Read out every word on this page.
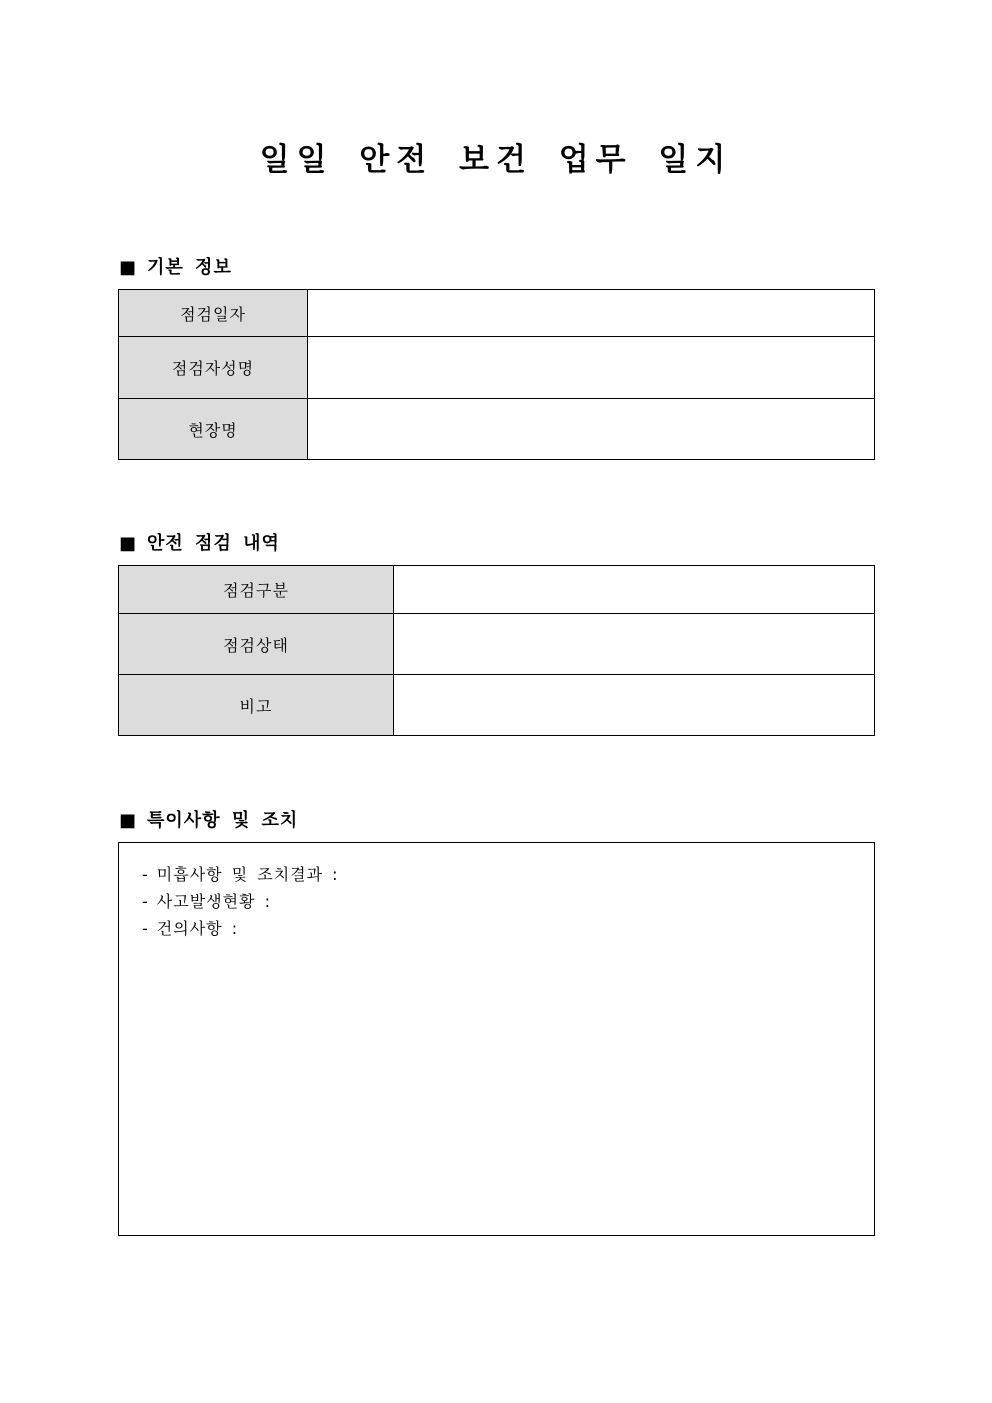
일일 안전 보건 업무 일지
■ 기본 정보
점검일자	
점검자성명	
현장명	
■ 안전 점검 내역
점검구분	
점검상태	
비고	
■ 특이사항 및 조치
- 미흡사항 및 조치결과 :
- 사고발생현황 :
- 건의사항 :
